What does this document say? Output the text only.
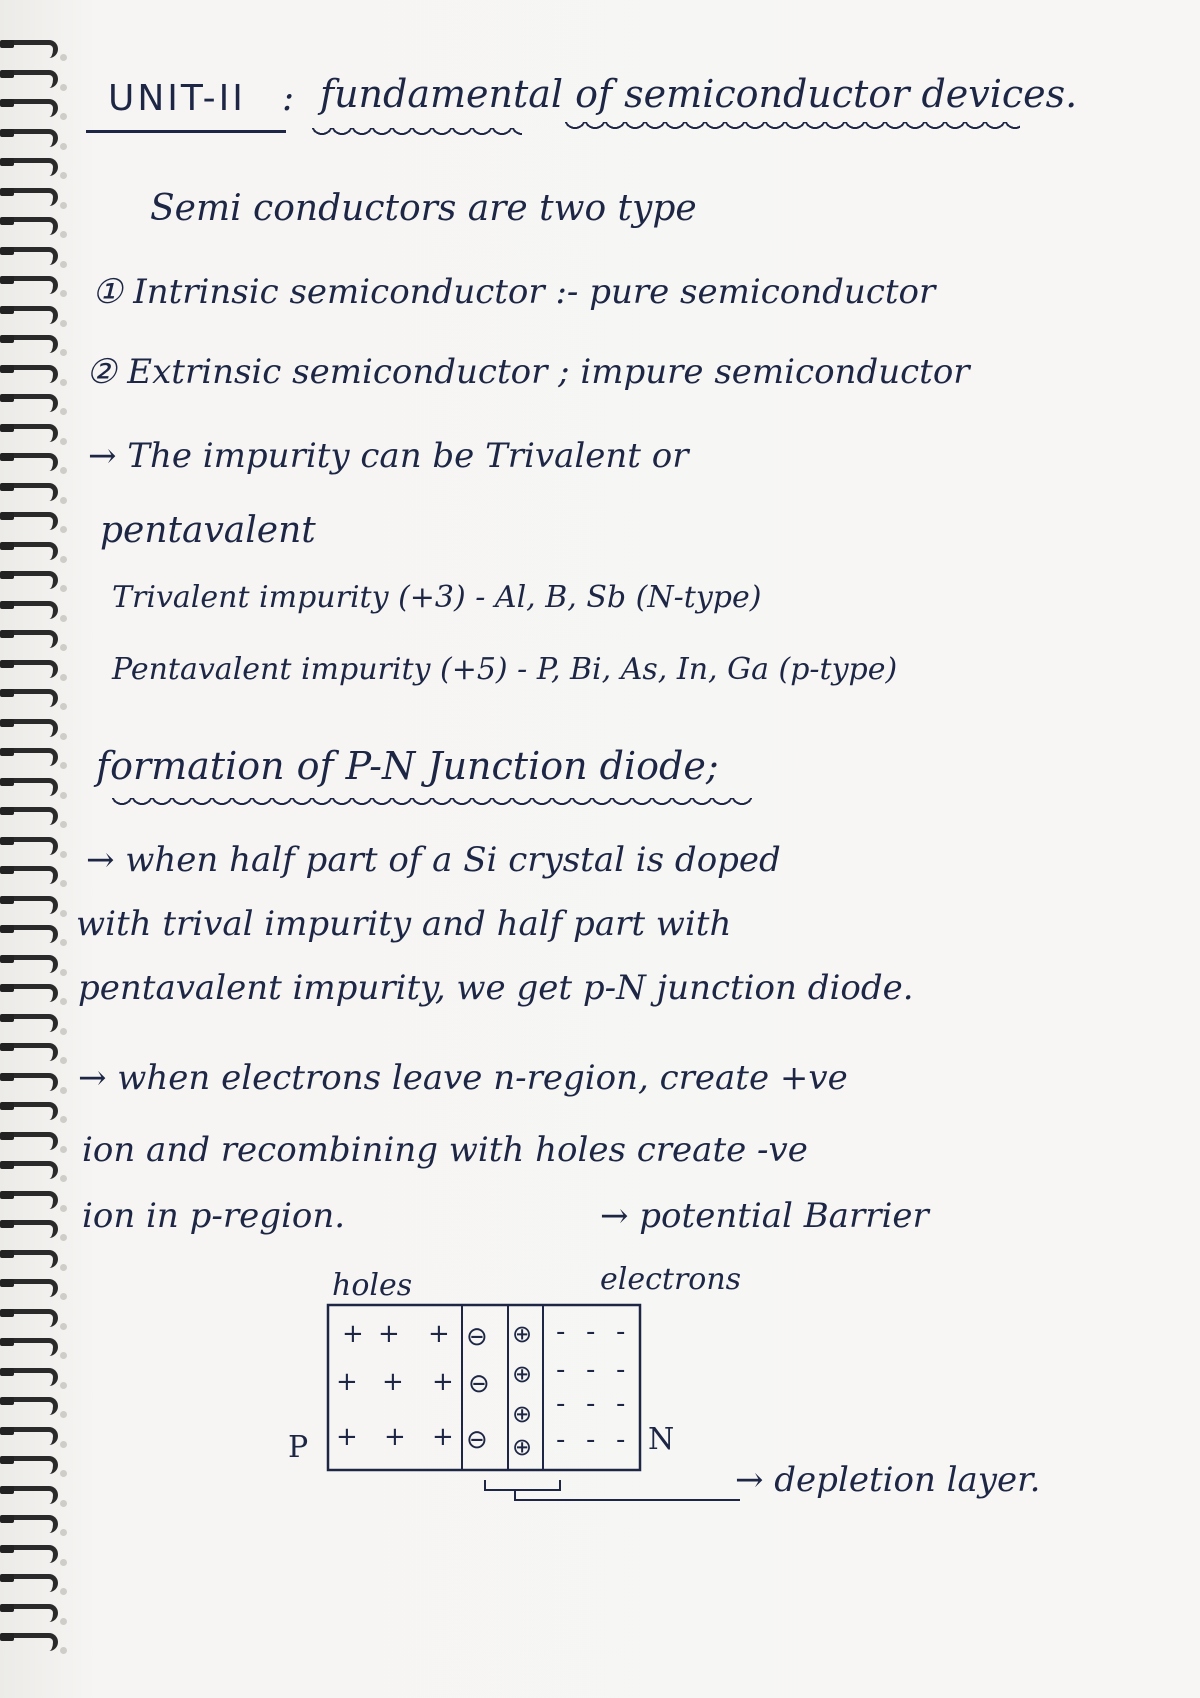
UNIT-II : fundamental of semiconductor devices.
Semi conductors are two type
① Intrinsic semiconductor :- pure semiconductor
② Extrinsic semiconductor ; impure semiconductor
→ The impurity can be Trivalent or
pentavalent
Trivalent impurity (+3) - Al, B, Sb (N-type)
Pentavalent impurity (+5) - P, Bi, As, In, Ga (p-type)
formation of P-N Junction diode;
→ when half part of a Si crystal is doped
with trival impurity and half part with
pentavalent impurity, we get p-N junction diode.
→ when electrons leave n-region, create +ve
ion and recombining with holes create -ve
ion in p-region.	→ potential Barrier
holes	electrons
P	N
→ depletion layer.
+ + +
+ + +
+ + +
⊖
⊖
⊖
⊕
⊕
⊕
⊕
- - -
- - -
- - -
- - -
